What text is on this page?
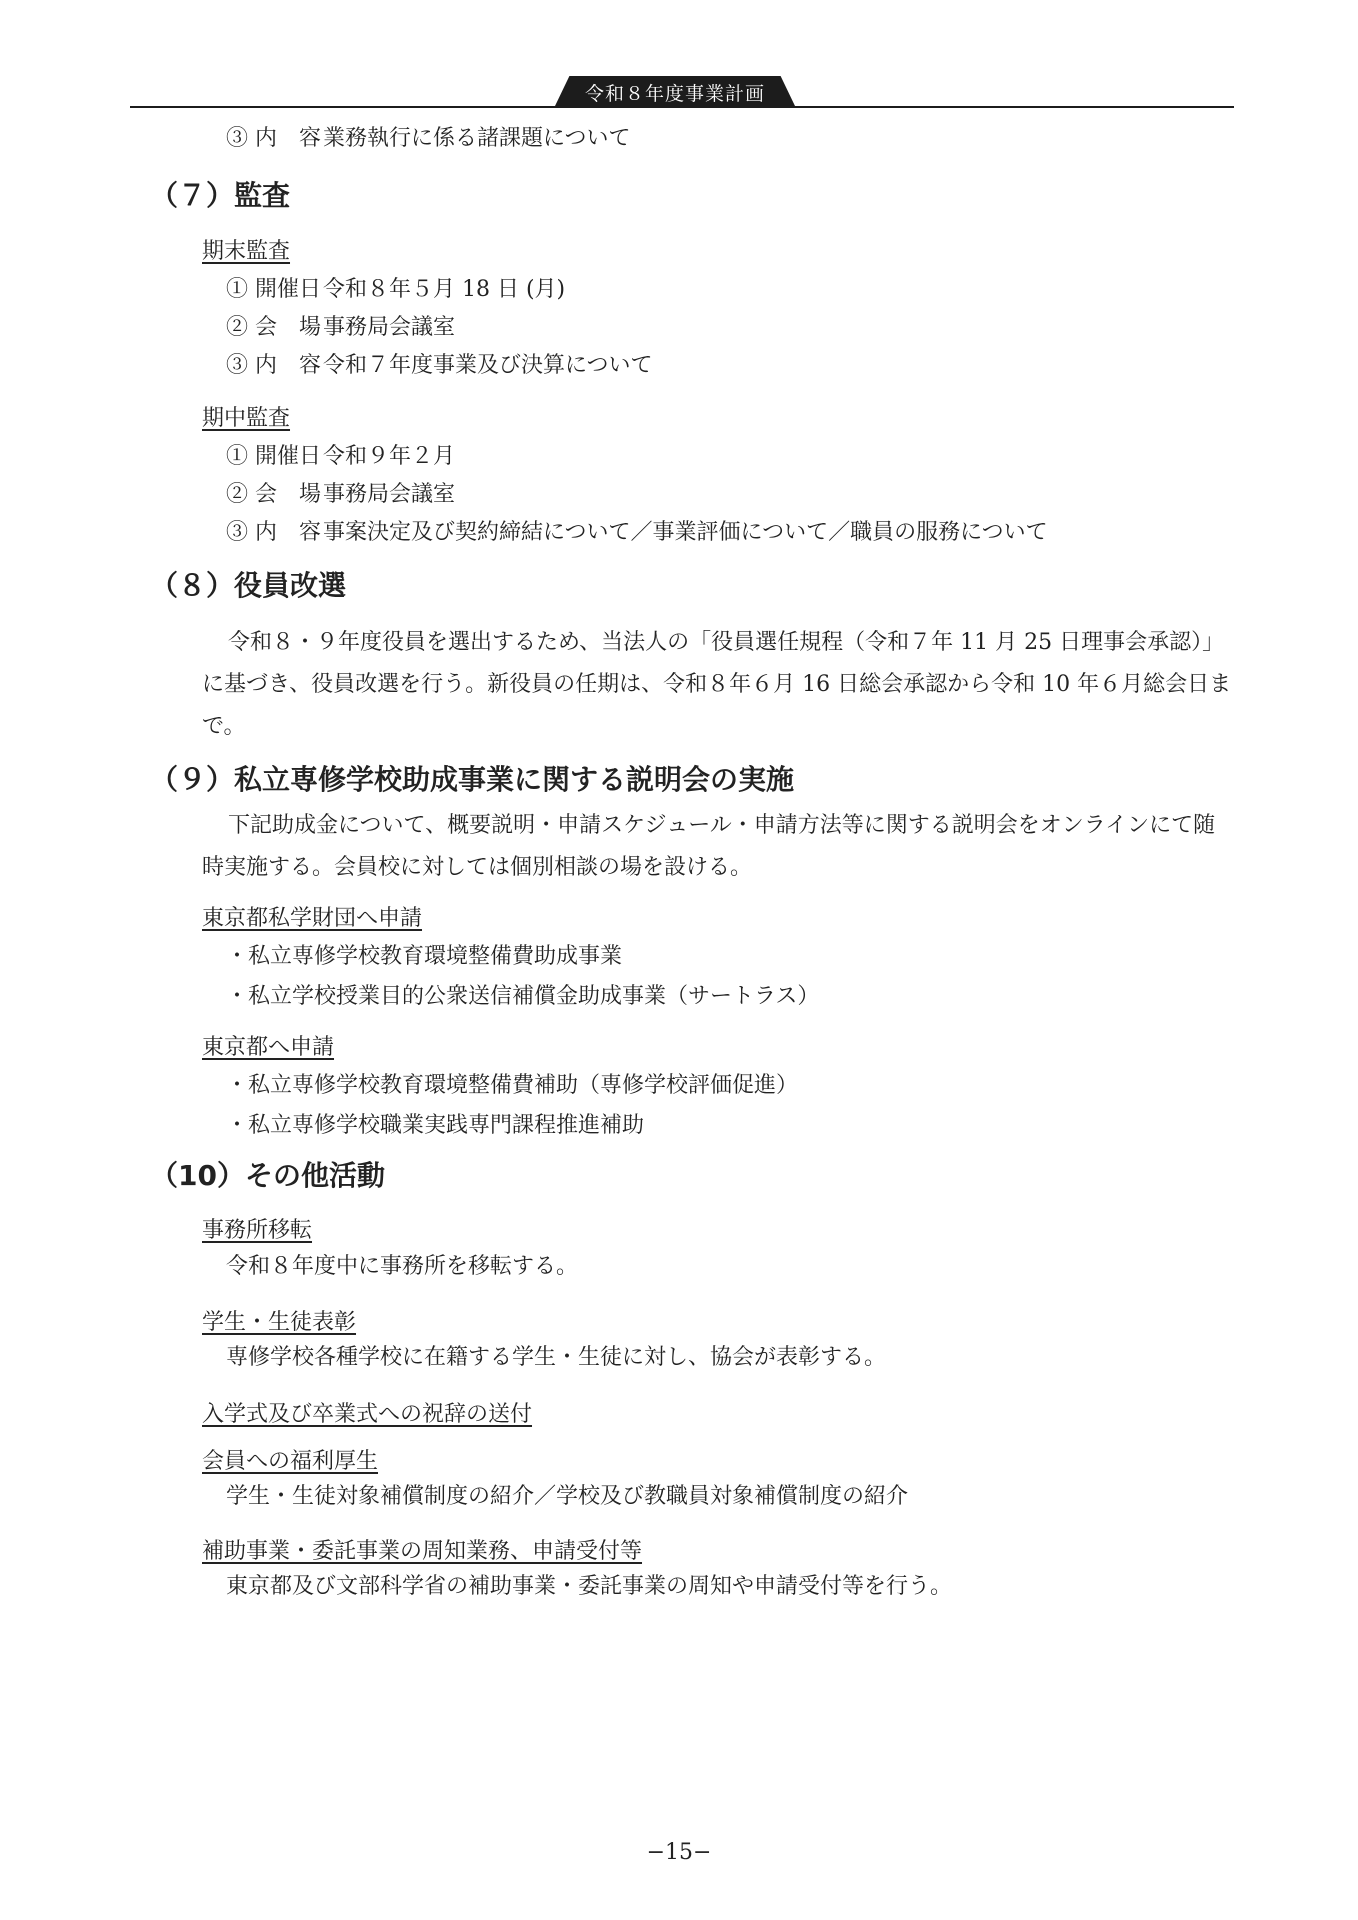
令和８年度事業計画
③ 内　容業務執行に係る諸課題について
（７）監査
期末監査
① 開催日令和８年５月 18 日 (月)
② 会　場事務局会議室
③ 内　容令和７年度事業及び決算について
期中監査
① 開催日令和９年２月
② 会　場事務局会議室
③ 内　容事案決定及び契約締結について／事業評価について／職員の服務について
（８）役員改選
令和８・９年度役員を選出するため、当法人の「役員選任規程（令和７年 11 月 25 日理事会承認）」に基づき、役員改選を行う。新役員の任期は、令和８年６月 16 日総会承認から令和 10 年６月総会日まで。
（９）私立専修学校助成事業に関する説明会の実施
下記助成金について、概要説明・申請スケジュール・申請方法等に関する説明会をオンラインにて随時実施する。会員校に対しては個別相談の場を設ける。
東京都私学財団へ申請
・私立専修学校教育環境整備費助成事業
・私立学校授業目的公衆送信補償金助成事業（サートラス）
東京都へ申請
・私立専修学校教育環境整備費補助（専修学校評価促進）
・私立専修学校職業実践専門課程推進補助
（10）その他活動
事務所移転
令和８年度中に事務所を移転する。
学生・生徒表彰
専修学校各種学校に在籍する学生・生徒に対し、協会が表彰する。
入学式及び卒業式への祝辞の送付
会員への福利厚生
学生・生徒対象補償制度の紹介／学校及び教職員対象補償制度の紹介
補助事業・委託事業の周知業務、申請受付等
東京都及び文部科学省の補助事業・委託事業の周知や申請受付等を行う。
−15−
